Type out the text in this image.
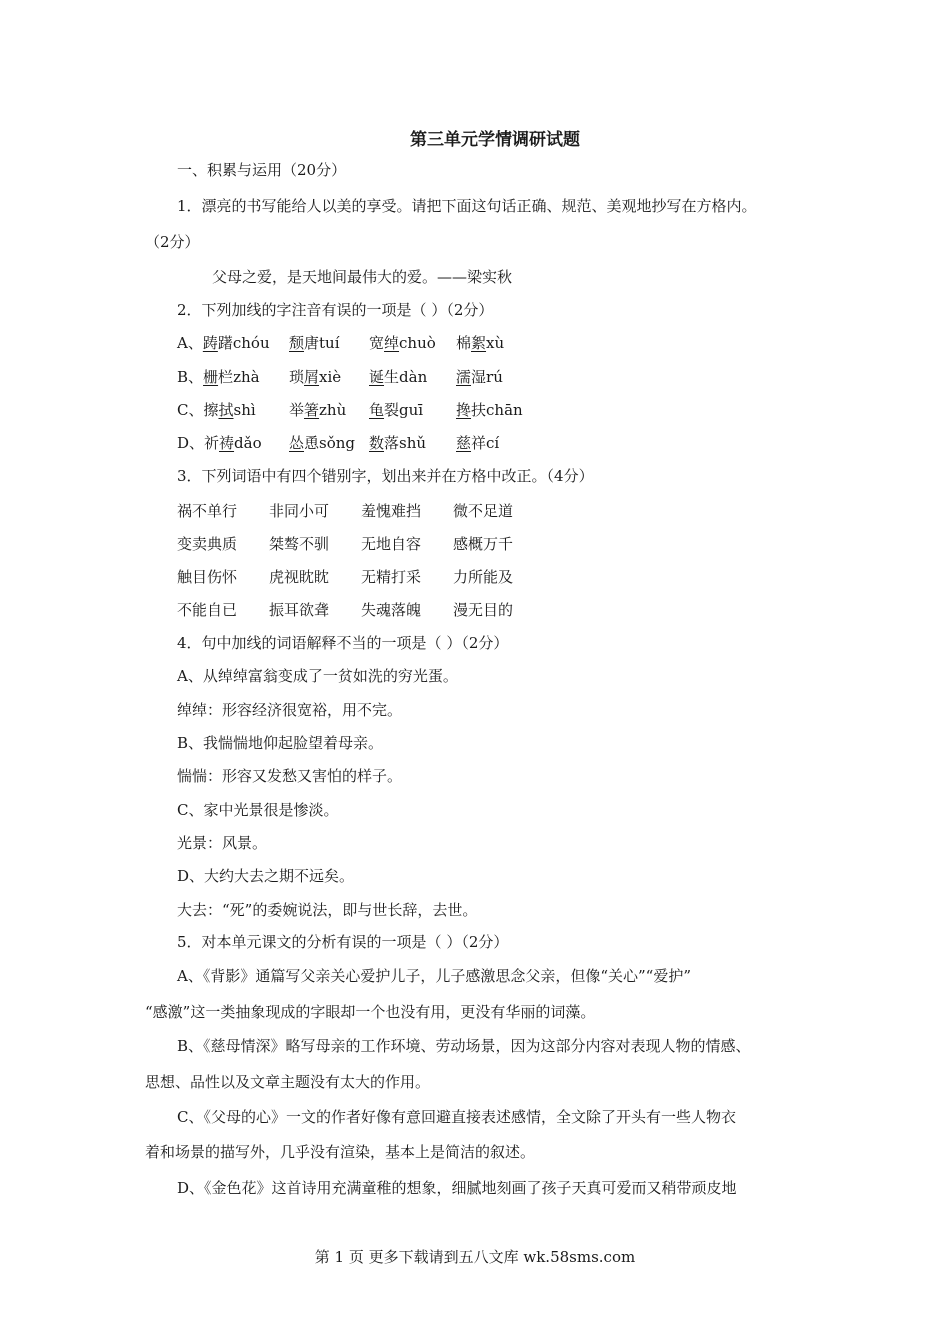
第三单元学情调研试题
一、积累与运用（20分）
1．漂亮的书写能给人以美的享受。请把下面这句话正确、规范、美观地抄写在方格内。
（2分）
父母之爱，是天地间最伟大的爱。——梁实秋
2．下列加线的字注音有误的一项是（ ）（2分）
A、踌躇chóu 颓唐tuí 宽绰chuò 棉絮xù
B、栅栏zhà 琐屑xiè 诞生dàn 濡湿rú
C、擦拭shì 举箸zhù 龟裂guī 搀扶chān
D、祈祷dǎo 怂恿sǒng 数落shǔ 慈祥cí
3．下列词语中有四个错别字，划出来并在方格中改正。（4分）
祸不单行 非同小可 羞愧难挡 微不足道
变卖典质 桀骜不驯 无地自容 感概万千
触目伤怀 虎视眈眈 无精打采 力所能及
不能自已 振耳欲聋 失魂落魄 漫无目的
4．句中加线的词语解释不当的一项是（ ）（2分）
A、从绰绰富翁变成了一贫如洗的穷光蛋。
绰绰：形容经济很宽裕，用不完。
B、我惴惴地仰起脸望着母亲。
惴惴：形容又发愁又害怕的样子。
C、家中光景很是惨淡。
光景：风景。
D、大约大去之期不远矣。
大去：“死”的委婉说法，即与世长辞，去世。
5．对本单元课文的分析有误的一项是（ ）（2分）
A、《背影》通篇写父亲关心爱护儿子，儿子感激思念父亲，但像“关心”“爱护”
“感激”这一类抽象现成的字眼却一个也没有用，更没有华丽的词藻。
B、《慈母情深》略写母亲的工作环境、劳动场景，因为这部分内容对表现人物的情感、
思想、品性以及文章主题没有太大的作用。
C、《父母的心》一文的作者好像有意回避直接表述感情，全文除了开头有一些人物衣
着和场景的描写外，几乎没有渲染，基本上是简洁的叙述。
D、《金色花》这首诗用充满童稚的想象，细腻地刻画了孩子天真可爱而又稍带顽皮地
第 1 页 更多下载请到五八文库 wk.58sms.com
